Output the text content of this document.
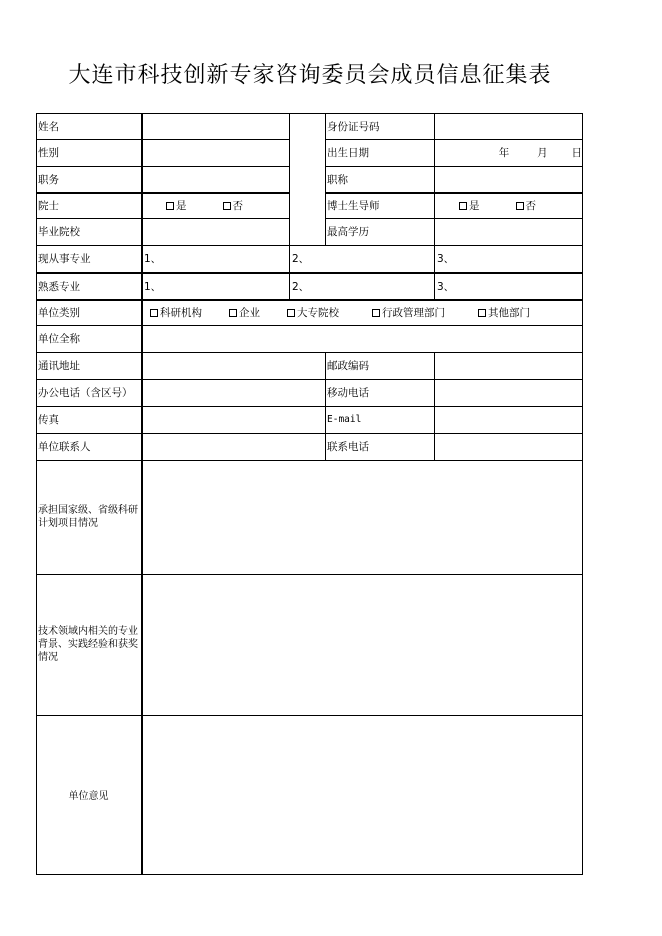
大连市科技创新专家咨询委员会成员信息征集表
姓名	身份证号码
性别	出生日期	年	月 日
职务	职称
院士	是	否	博士生导师	是	否
毕业院校	最高学历
现从事专业	1、	2、	3、
熟悉专业	1、	2、	3、
单位类别	科研机构	企业	大专院校	行政管理部门	其他部门
单位全称
通讯地址	邮政编码
办公电话（含区号）	移动电话
传真	E-mail
单位联系人	联系电话
承担国家级、省级科研计划项目情况
技术领域内相关的专业背景、实践经验和获奖情况
单位意见
